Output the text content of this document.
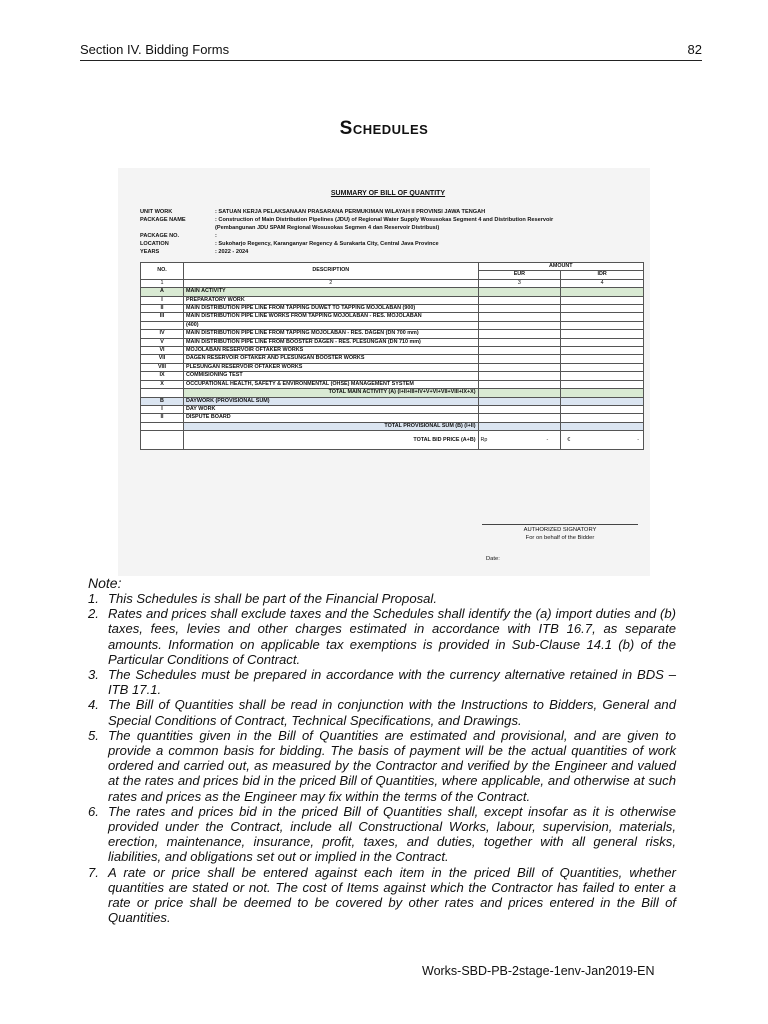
Section IV. Bidding Forms	82
Schedules
SUMMARY OF BILL OF QUANTITY
UNIT WORK	: SATUAN KERJA PELAKSANAAN PRASARANA PERMUKIMAN WILAYAH II PROVINSI JAWA TENGAH
PACKAGE NAME	: Construction of Main Distribution Pipelines (JDU) of Regional Water Supply Wosusokas Segment 4 and Distribution Reservoir
(Pembangunan JDU SPAM Regional Wosusokas Segmen 4 dan Reservoir Distribusi)
PACKAGE NO.	:
LOCATION	: Sukoharjo Regency, Karanganyar Regency & Surakarta City, Central Java Province
YEARS	: 2022 - 2024
NO.	DESCRIPTION	AMOUNT	
		EUR	IDR
1	2	3	4
A	MAIN ACTIVITY		
I	PREPARATORY WORK		
II	MAIN DISTRIBUTION PIPE LINE FROM TAPPING DUWET TO TAPPING MOJOLABAN (900)		
III	MAIN DISTRIBUTION PIPE LINE WORKS FROM TAPPING MOJOLABAN - RES. MOJOLABAN		
	(400)		
IV	MAIN DISTRIBUTION PIPE LINE FROM TAPPING MOJOLABAN - RES. DAGEN (DN 700 mm)		
V	MAIN DISTRIBUTION PIPE LINE FROM BOOSTER DAGEN - RES. PLESUNGAN (DN 710 mm)		
VI	MOJOLABAN RESERVOIR OFTAKER WORKS		
VII	DAGEN RESERVOIR OFTAKER AND PLESUNGAN BOOSTER WORKS		
VIII	PLESUNGAN RESERVOIR OFTAKER WORKS		
IX	COMMISIONING TEST		
X	OCCUPATIONAL HEALTH, SAFETY & ENVIRONMENTAL (OHSE) MANAGEMENT SYSTEM		
	TOTAL MAIN ACTIVITY (A) (I+II+III+IV+V+VI+VII+VIII+IX+X)		
B	DAYWORK (PROVISIONAL SUM)		
I	DAY WORK		
II	DISPUTE BOARD		
	TOTAL PROVISIONAL SUM (B) (I+II)		
	TOTAL BID PRICE (A+B)	Rp -	€ -
AUTHORIZED SIGNATORY
For on behalf of the Bidder
Date:
Note:
1. This Schedules is shall be part of the Financial Proposal.
2. Rates and prices shall exclude taxes and the Schedules shall identify the (a) import duties and (b) taxes, fees, levies and other charges estimated in accordance with ITB 16.7, as separate amounts. Information on applicable tax exemptions is provided in Sub-Clause 14.1 (b) of the Particular Conditions of Contract.
3. The Schedules must be prepared in accordance with the currency alternative retained in BDS – ITB 17.1.
4. The Bill of Quantities shall be read in conjunction with the Instructions to Bidders, General and Special Conditions of Contract, Technical Specifications, and Drawings.
5. The quantities given in the Bill of Quantities are estimated and provisional, and are given to provide a common basis for bidding. The basis of payment will be the actual quantities of work ordered and carried out, as measured by the Contractor and verified by the Engineer and valued at the rates and prices bid in the priced Bill of Quantities, where applicable, and otherwise at such rates and prices as the Engineer may fix within the terms of the Contract.
6. The rates and prices bid in the priced Bill of Quantities shall, except insofar as it is otherwise provided under the Contract, include all Constructional Works, labour, supervision, materials, erection, maintenance, insurance, profit, taxes, and duties, together with all general risks, liabilities, and obligations set out or implied in the Contract.
7. A rate or price shall be entered against each item in the priced Bill of Quantities, whether quantities are stated or not. The cost of Items against which the Contractor has failed to enter a rate or price shall be deemed to be covered by other rates and prices entered in the Bill of Quantities.
Works-SBD-PB-2stage-1env-Jan2019-EN
